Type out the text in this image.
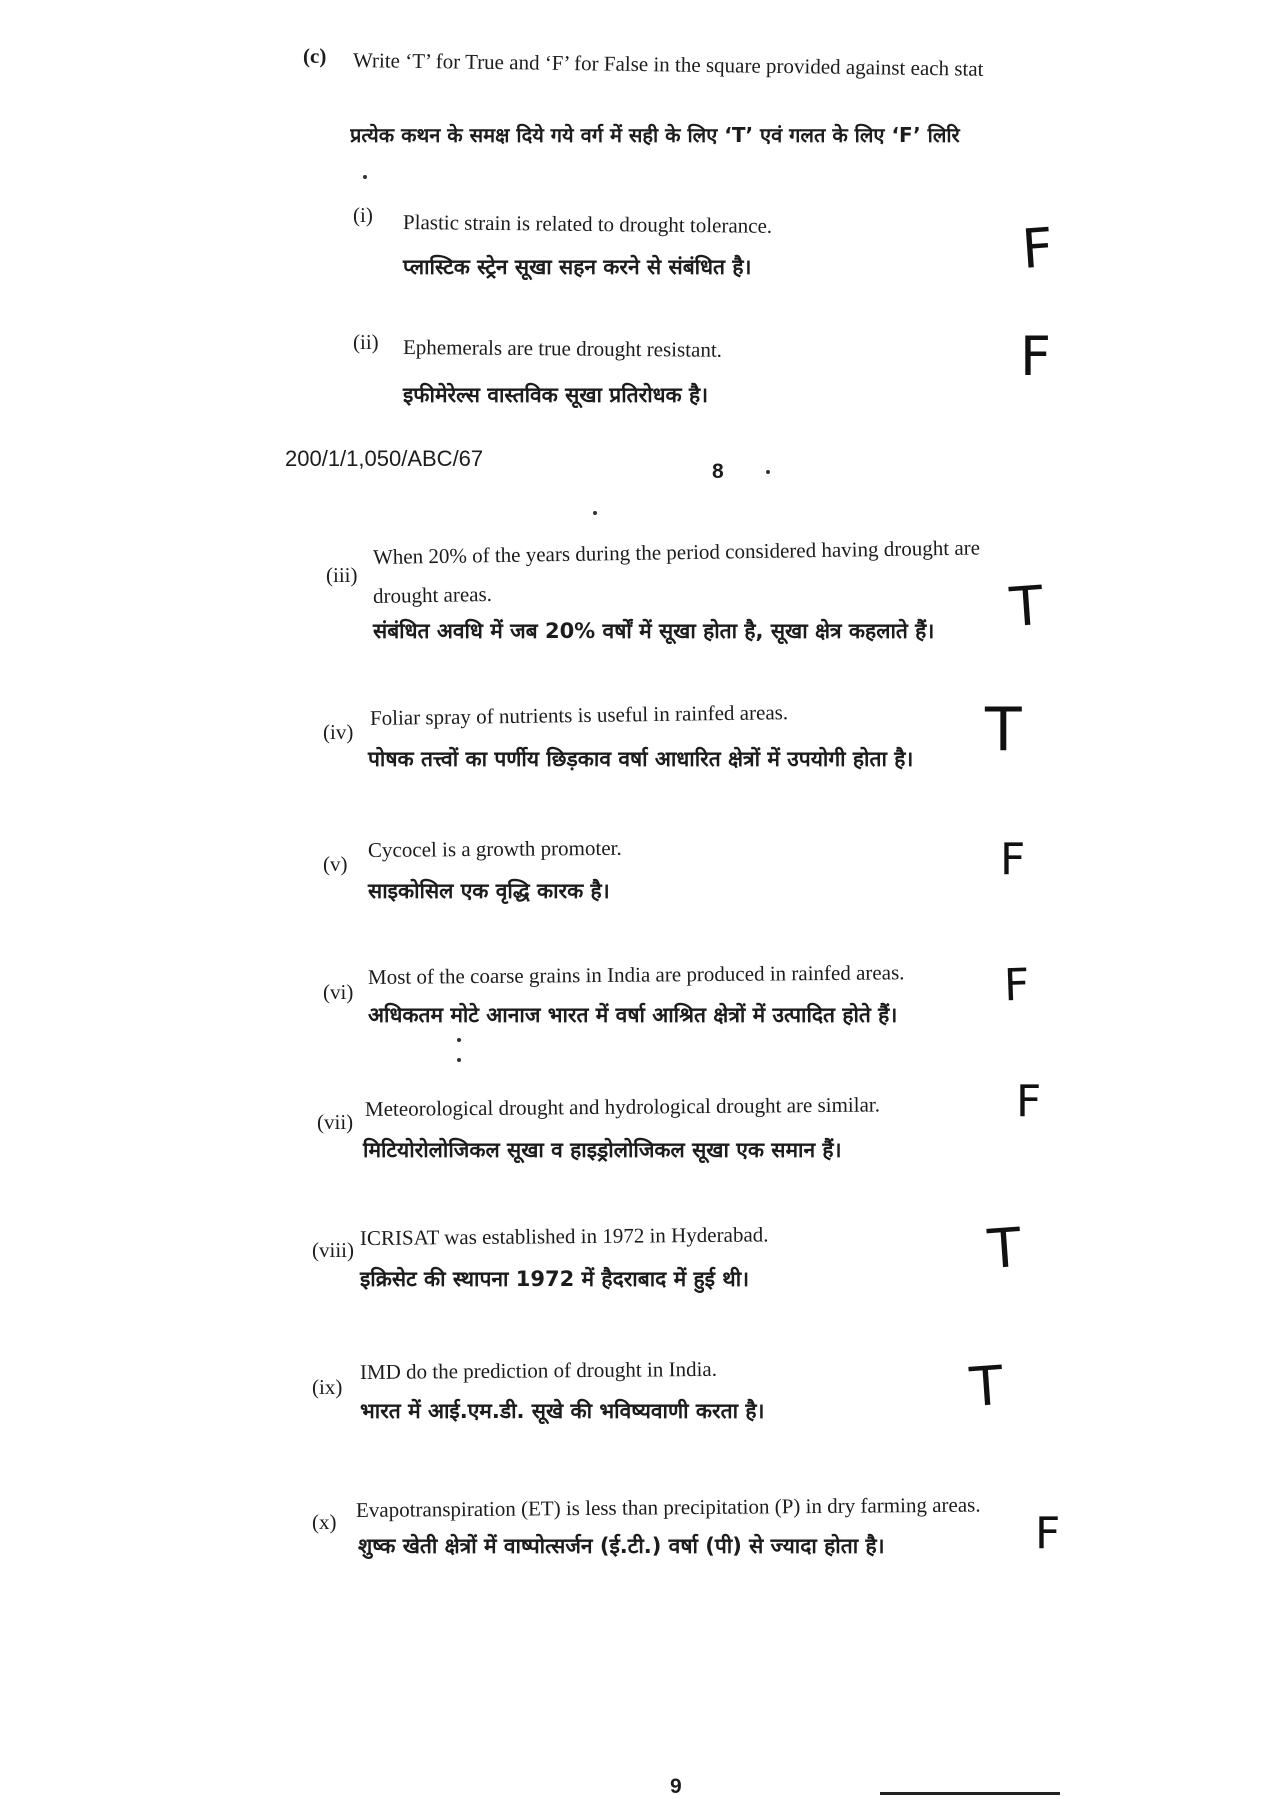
(c) Write ‘T’ for True and ‘F’ for False in the square provided against each stat
प्रत्येक कथन के समक्ष दिये गये वर्ग में सही के लिए ‘T’ एवं गलत के लिए ‘F’ लिरि
(i) Plastic strain is related to drought tolerance.
प्लास्टिक स्ट्रेन सूखा सहन करने से संबंधित है।	F
(ii) Ephemerals are true drought resistant.
इफीमेरेल्स वास्तविक सूखा प्रतिरोधक है।
F
200/1/1,050/ABC/67
8
(iii)
When 20% of the years during the period considered having drought are
drought areas.
संबंधित अवधि में जब 20% वर्षों में सूखा होता है, सूखा क्षेत्र कहलाते हैं। T
(iv)
Foliar spray of nutrients is useful in rainfed areas.
पोषक तत्त्वों का पर्णीय छिड़काव वर्षा आधारित क्षेत्रों में उपयोगी होता है। T
(v)
Cycocel is a growth promoter.
साइकोसिल एक वृद्धि कारक है।
F
(vi)
Most of the coarse grains in India are produced in rainfed areas.
अधिकतम मोटे आनाज भारत में वर्षा आश्रित क्षेत्रों में उत्पादित होते हैं।
F
(vii)
Meteorological drought and hydrological drought are similar.
मिटियोरोलोजिकल सूखा व हाइड्रोलोजिकल सूखा एक समान हैं।
F
(viii)
ICRISAT was established in 1972 in Hyderabad.
इक्रिसेट की स्थापना 1972 में हैदराबाद में हुई थी।	T
(ix)
IMD do the prediction of drought in India.
भारत में आई.एम.डी. सूखे की भविष्यवाणी करता है।	T
(x)
Evapotranspiration (ET) is less than precipitation (P) in dry farming areas.
शुष्क खेती क्षेत्रों में वाष्पोत्सर्जन (ई.टी.) वर्षा (पी) से ज्यादा होता है।	F
9
